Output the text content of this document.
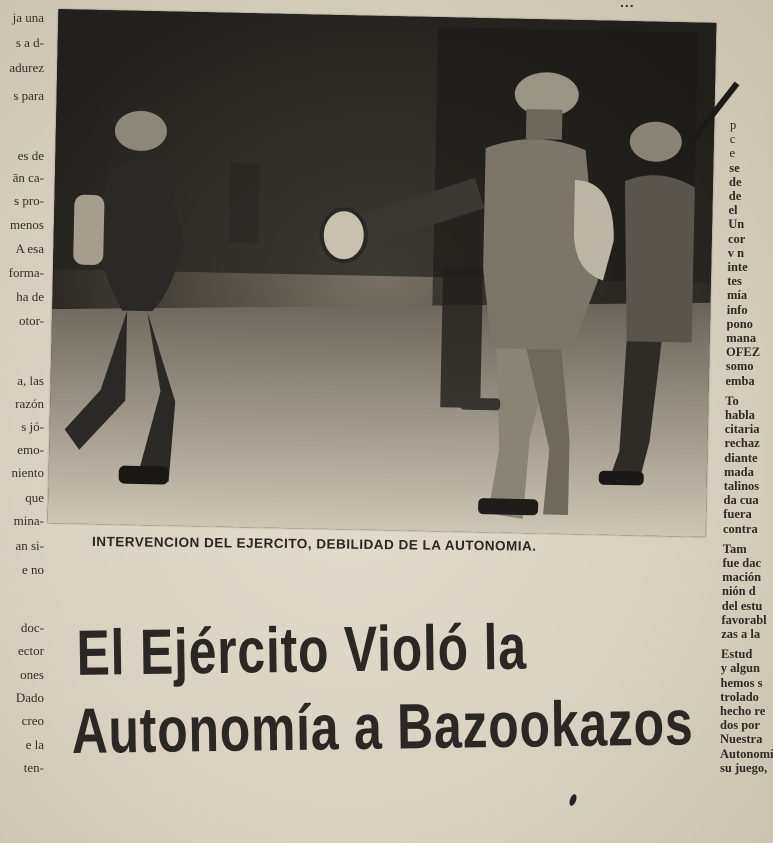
...
ja una
s a d-
adurez
s para
es de
ān ca-
s pro-
menos
A esa
forma-
ha de
otor-
a, las
razón
s jó-
emo-
niento
que
mina-
an si-
e no
doc-
ector
ones
Dado
creo
e la
ten-
p
c
e
se
de
de
el
Un
cor
v n
inte
tes
mía
info
pono
mana
OFEZ
somo
emba
To
habla
citaria
rechaz
diante
mada
talinos
da cua
fuera
contra
Tam
fue dac
mación
nión d
del estu
favorabl
zas a la
Estud
y algun
hemos s
trolado
hecho re
dos por
Nuestra
Autonomí
su juego,
INTERVENCION DEL EJERCITO, DEBILIDAD DE LA AUTONOMIA.
El Ejército Violó la
Autonomía a Bazookazos
